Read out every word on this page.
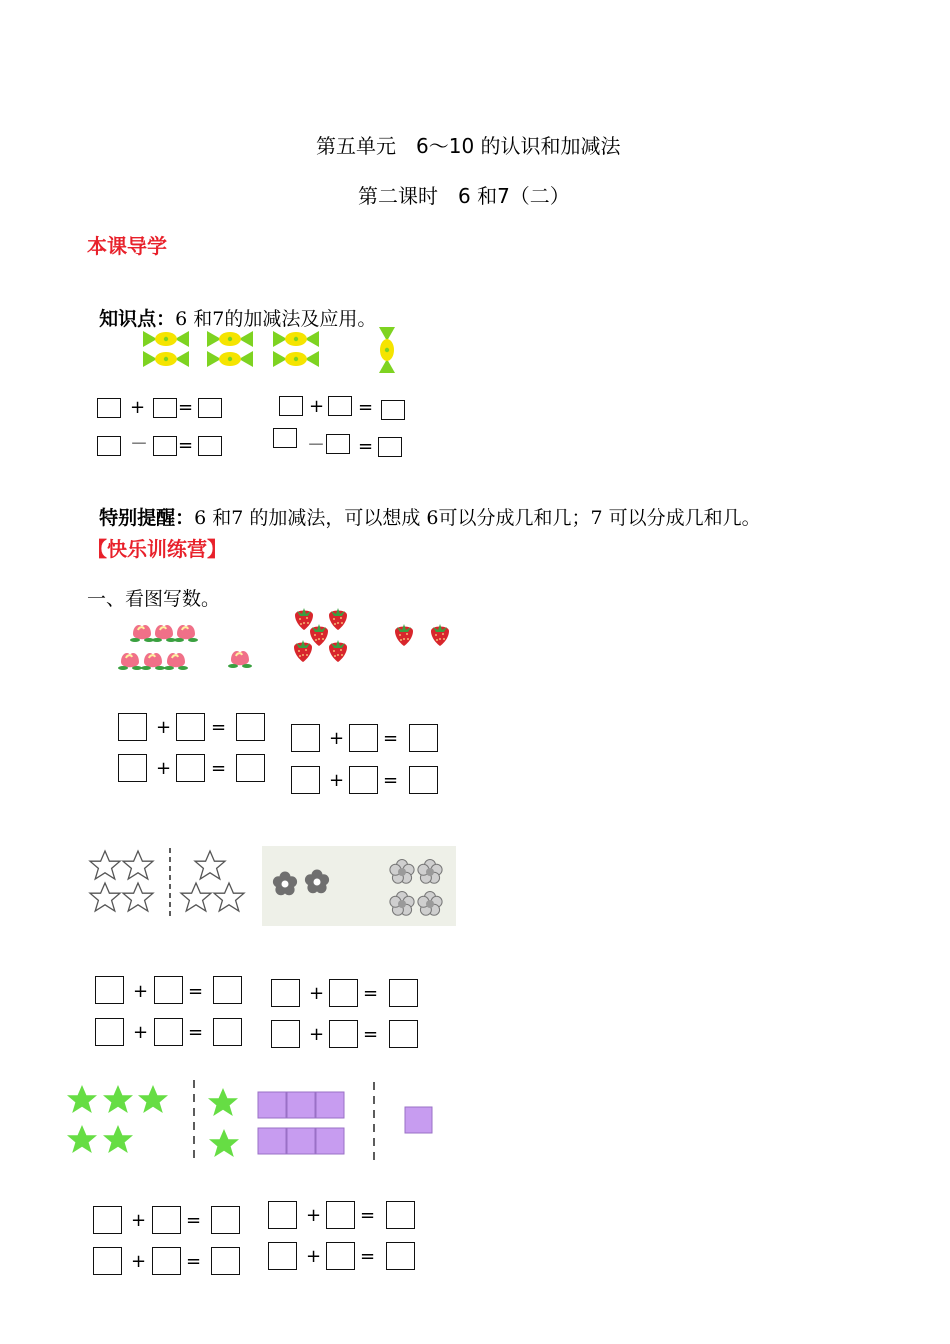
第五单元　6～10 的认识和加减法
第二课时　6 和7（二）
本课导学

知识点：6 和7的加减法及应用。

+ =
－ =
+ =
－ =

特别提醒：6 和7 的加减法，可以想成 6可以分成几和几；7 可以分成几和几。

【快乐训练营】
一、看图写数。
+ =
+ =
+ =
+ =
+ =
+ =
+ =
+ =
+ =
+ =
+ =
+ =
